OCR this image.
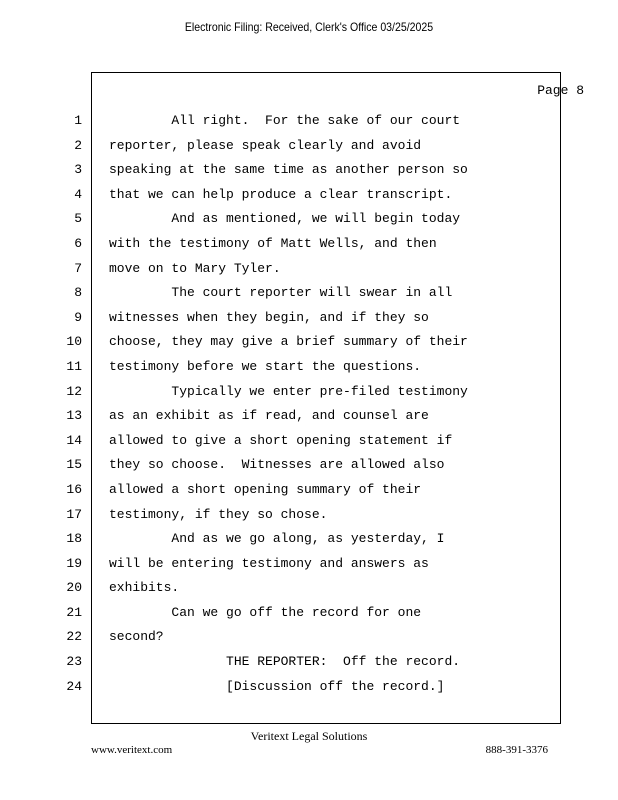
Electronic Filing: Received, Clerk's Office 03/25/2025
Page 8
1 All right.  For the sake of our court
2 reporter, please speak clearly and avoid
3 speaking at the same time as another person so
4 that we can help produce a clear transcript.
5 And as mentioned, we will begin today
6 with the testimony of Matt Wells, and then
7 move on to Mary Tyler.
8 The court reporter will swear in all
9 witnesses when they begin, and if they so
10 choose, they may give a brief summary of their
11 testimony before we start the questions.
12 Typically we enter pre-filed testimony
13 as an exhibit as if read, and counsel are
14 allowed to give a short opening statement if
15 they so choose.  Witnesses are allowed also
16 allowed a short opening summary of their
17 testimony, if they so chose.
18 And as we go along, as yesterday, I
19 will be entering testimony and answers as
20 exhibits.
21 Can we go off the record for one
22 second?
23 THE REPORTER:  Off the record.
24 [Discussion off the record.]
Veritext Legal Solutions
www.veritext.com	888-391-3376
